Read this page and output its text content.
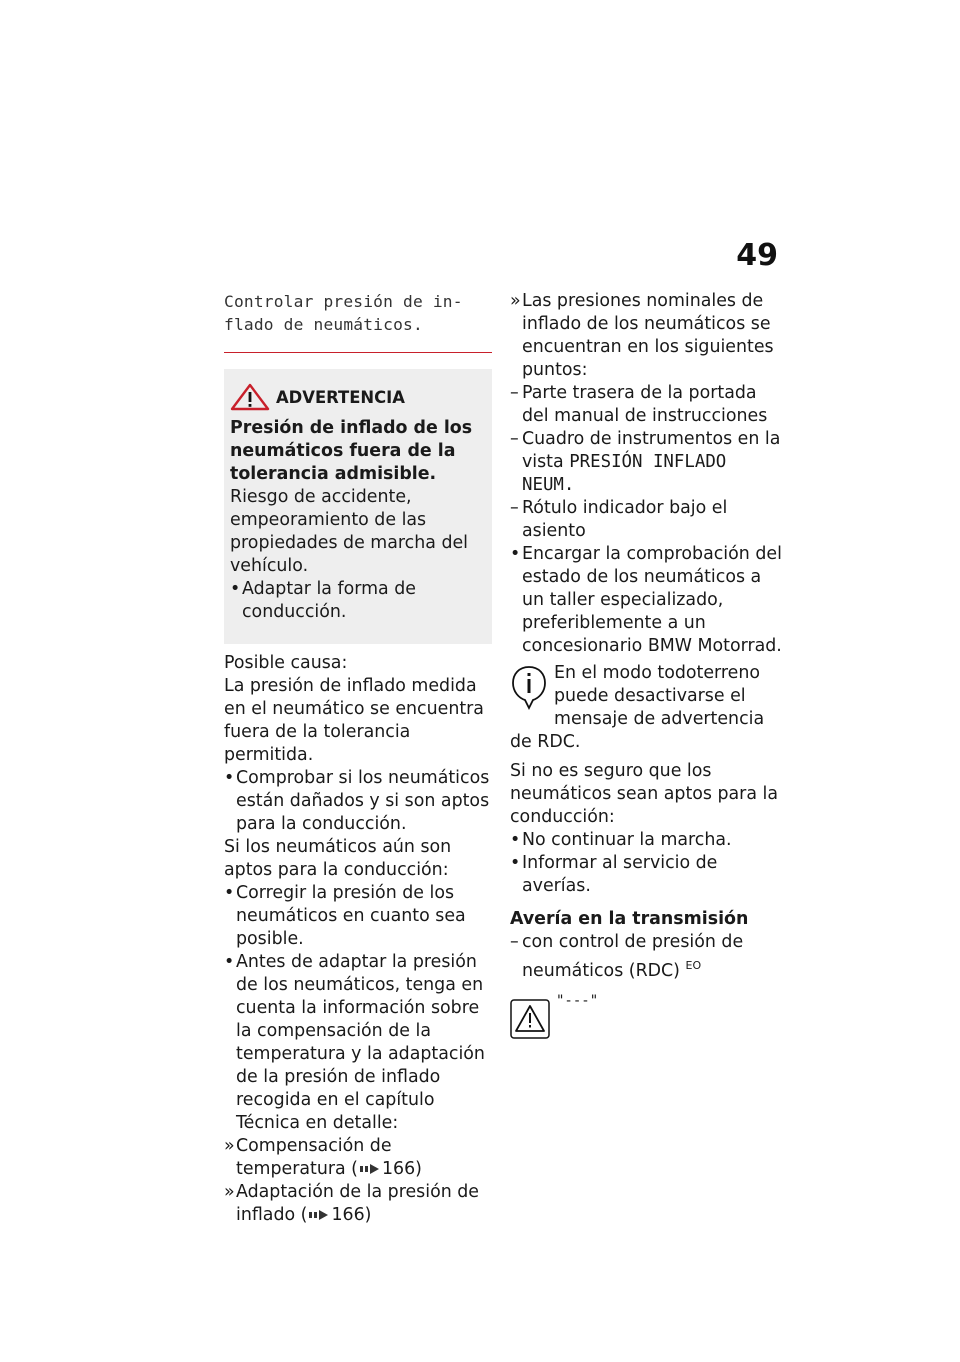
49
Controlar presión de in-flado de neumáticos.
ADVERTENCIA

Presión de inflado de los neumáticos fuera de la tolerancia admisible.

Riesgo de accidente, empeoramiento de las propiedades de marcha del vehículo.

• Adaptar la forma de conducción.

Posible causa:

La presión de inflado medida en el neumático se encuentra fuera de la tolerancia permitida.

• Comprobar si los neumáticos están dañados y si son aptos para la conducción.

Si los neumáticos aún son aptos para la conducción:

• Corregir la presión de los neumáticos en cuanto sea posible.
• Antes de adaptar la presión de los neumáticos, tenga en cuenta la información sobre la compensación de la temperatura y la adaptación de la presión de inflado recogida en el capítulo Técnica en detalle:
» Compensación de temperatura ( 166)
» Adaptación de la presión de inflado ( 166)
» Las presiones nominales de inflado de los neumáticos se encuentran en los siguientes puntos:
– Parte trasera de la portada del manual de instrucciones
– Cuadro de instrumentos en la vista PRESIÓN INFLADO NEUM.
– Rótulo indicador bajo el asiento
• Encargar la comprobación del estado de los neumáticos a un taller especializado, preferiblemente a un concesionario BMW Motorrad.

En el modo todoterreno puede desactivarse el mensaje de advertencia de RDC.

Si no es seguro que los neumáticos sean aptos para la conducción:

• No continuar la marcha.
• Informar al servicio de averías.
Avería en la transmisión
– con control de presión de neumáticos (RDC) $^{EO}$
"---"
